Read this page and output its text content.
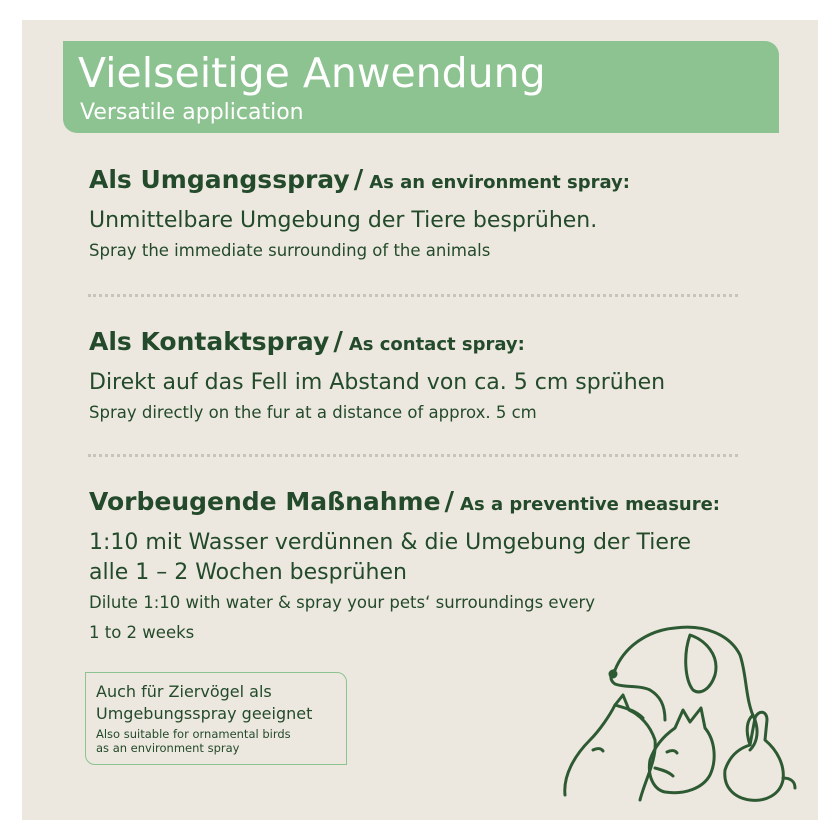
Vielseitige Anwendung
Versatile application
Als Umgangsspray / As an environment spray:
Unmittelbare Umgebung der Tiere besprühen.
Spray the immediate surrounding of the animals
Als Kontaktspray / As contact spray:
Direkt auf das Fell im Abstand von ca. 5 cm sprühen
Spray directly on the fur at a distance of approx. 5 cm
Vorbeugende Maßnahme / As a preventive measure:
1:10 mit Wasser verdünnen & die Umgebung der Tiere
alle 1 – 2 Wochen besprühen
Dilute 1:10 with water & spray your pets‘ surroundings every
1 to 2 weeks
Auch für Ziervögel als
Umgebungsspray geeignet
Also suitable for ornamental birds
as an environment spray
